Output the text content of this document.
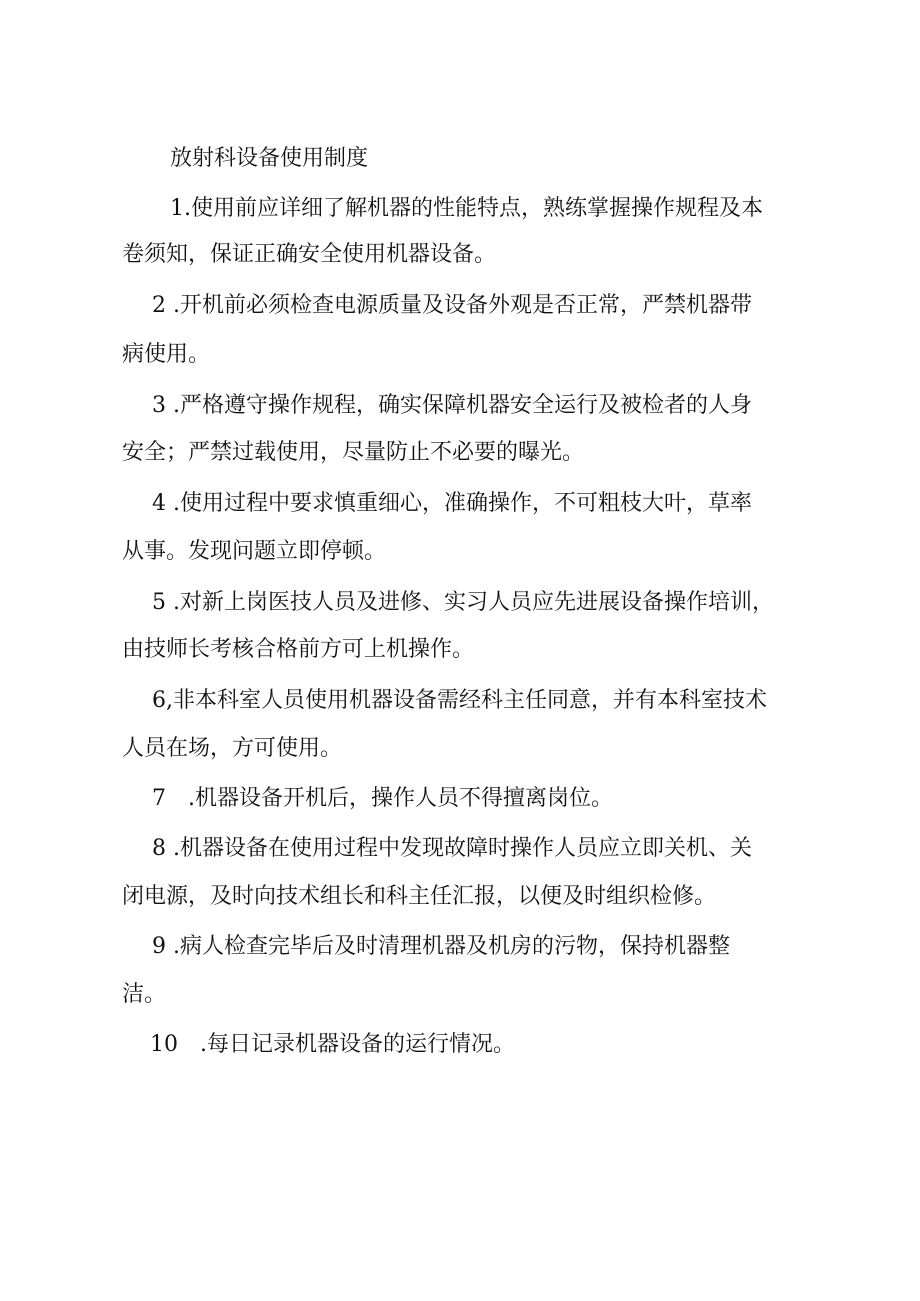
放射科设备使用制度
1.使用前应详细了解机器的性能特点，熟练掌握操作规程及本
卷须知，保证正确安全使用机器设备。
2 .开机前必须检查电源质量及设备外观是否正常，严禁机器带
病使用。
3 .严格遵守操作规程，确实保障机器安全运行及被检者的人身
安全；严禁过载使用，尽量防止不必要的曝光。
4 .使用过程中要求慎重细心，准确操作，不可粗枝大叶，草率
从事。发现问题立即停顿。
5 .对新上岗医技人员及进修、实习人员应先进展设备操作培训，
由技师长考核合格前方可上机操作。
6,非本科室人员使用机器设备需经科主任同意，并有本科室技术
人员在场，方可使用。
7　.机器设备开机后，操作人员不得擅离岗位。
8 .机器设备在使用过程中发现故障时操作人员应立即关机、关
闭电源，及时向技术组长和科主任汇报，以便及时组织检修。
9 .病人检查完毕后及时清理机器及机房的污物，保持机器整
洁。
10　.每日记录机器设备的运行情况。
